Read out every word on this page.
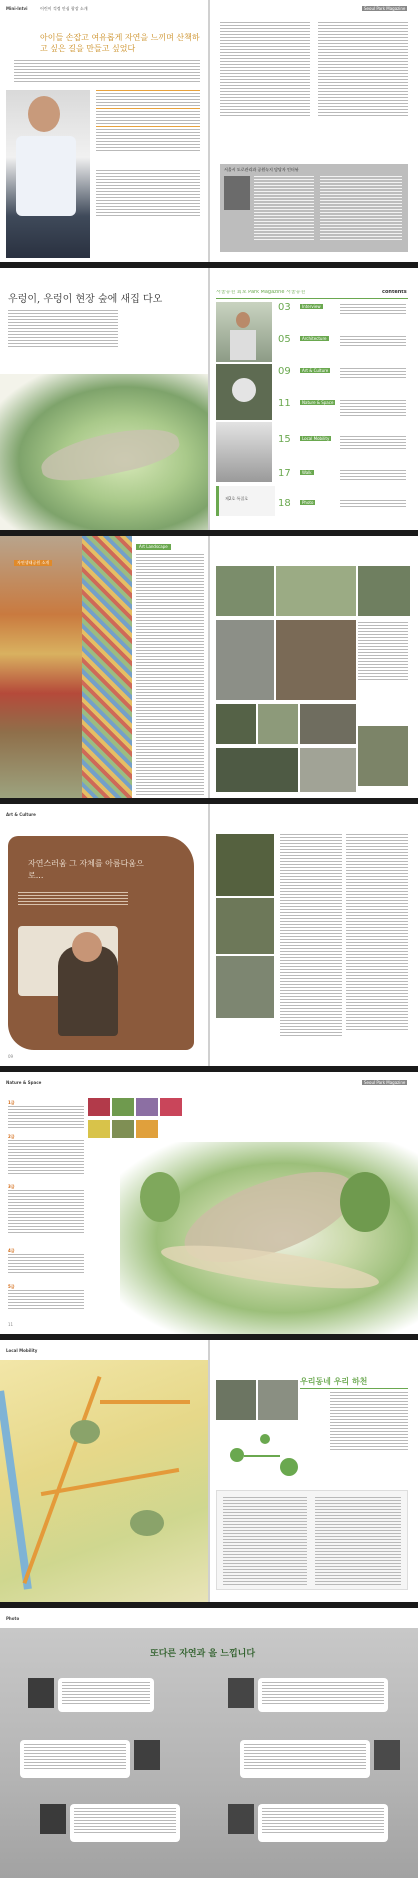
Mini-Intvi	어린이 걱정 안심 광장 소개	Seoul Park Magazine
아이들 손잡고 여유롭게 자연을 느끼며 산책하고 싶은 길을 만들고 싶었다
서울시 도로관리과 공원녹지 담당자 인터뷰
우렁이, 우렁이 현장 숲에 새집 다오
서울공원 회보 Park Magazine 서울공원	contents
제2호 특집호
03	Interview
05	Architecture
09	Art & Culture
11	Nature & Space
15	Local Mobility
17	Walk
18	Photo
자연생태공원 소개
Art Landscape
Art & Culture
자연스러움 그 자체를 아름다움으로...
09
Nature & Space	Seoul Park Magazine
1급
2급
3급
4급
5급
11
Local Mobility
우리동네 우리 하천
Photo
또다른 자연과 을 느낍니다
